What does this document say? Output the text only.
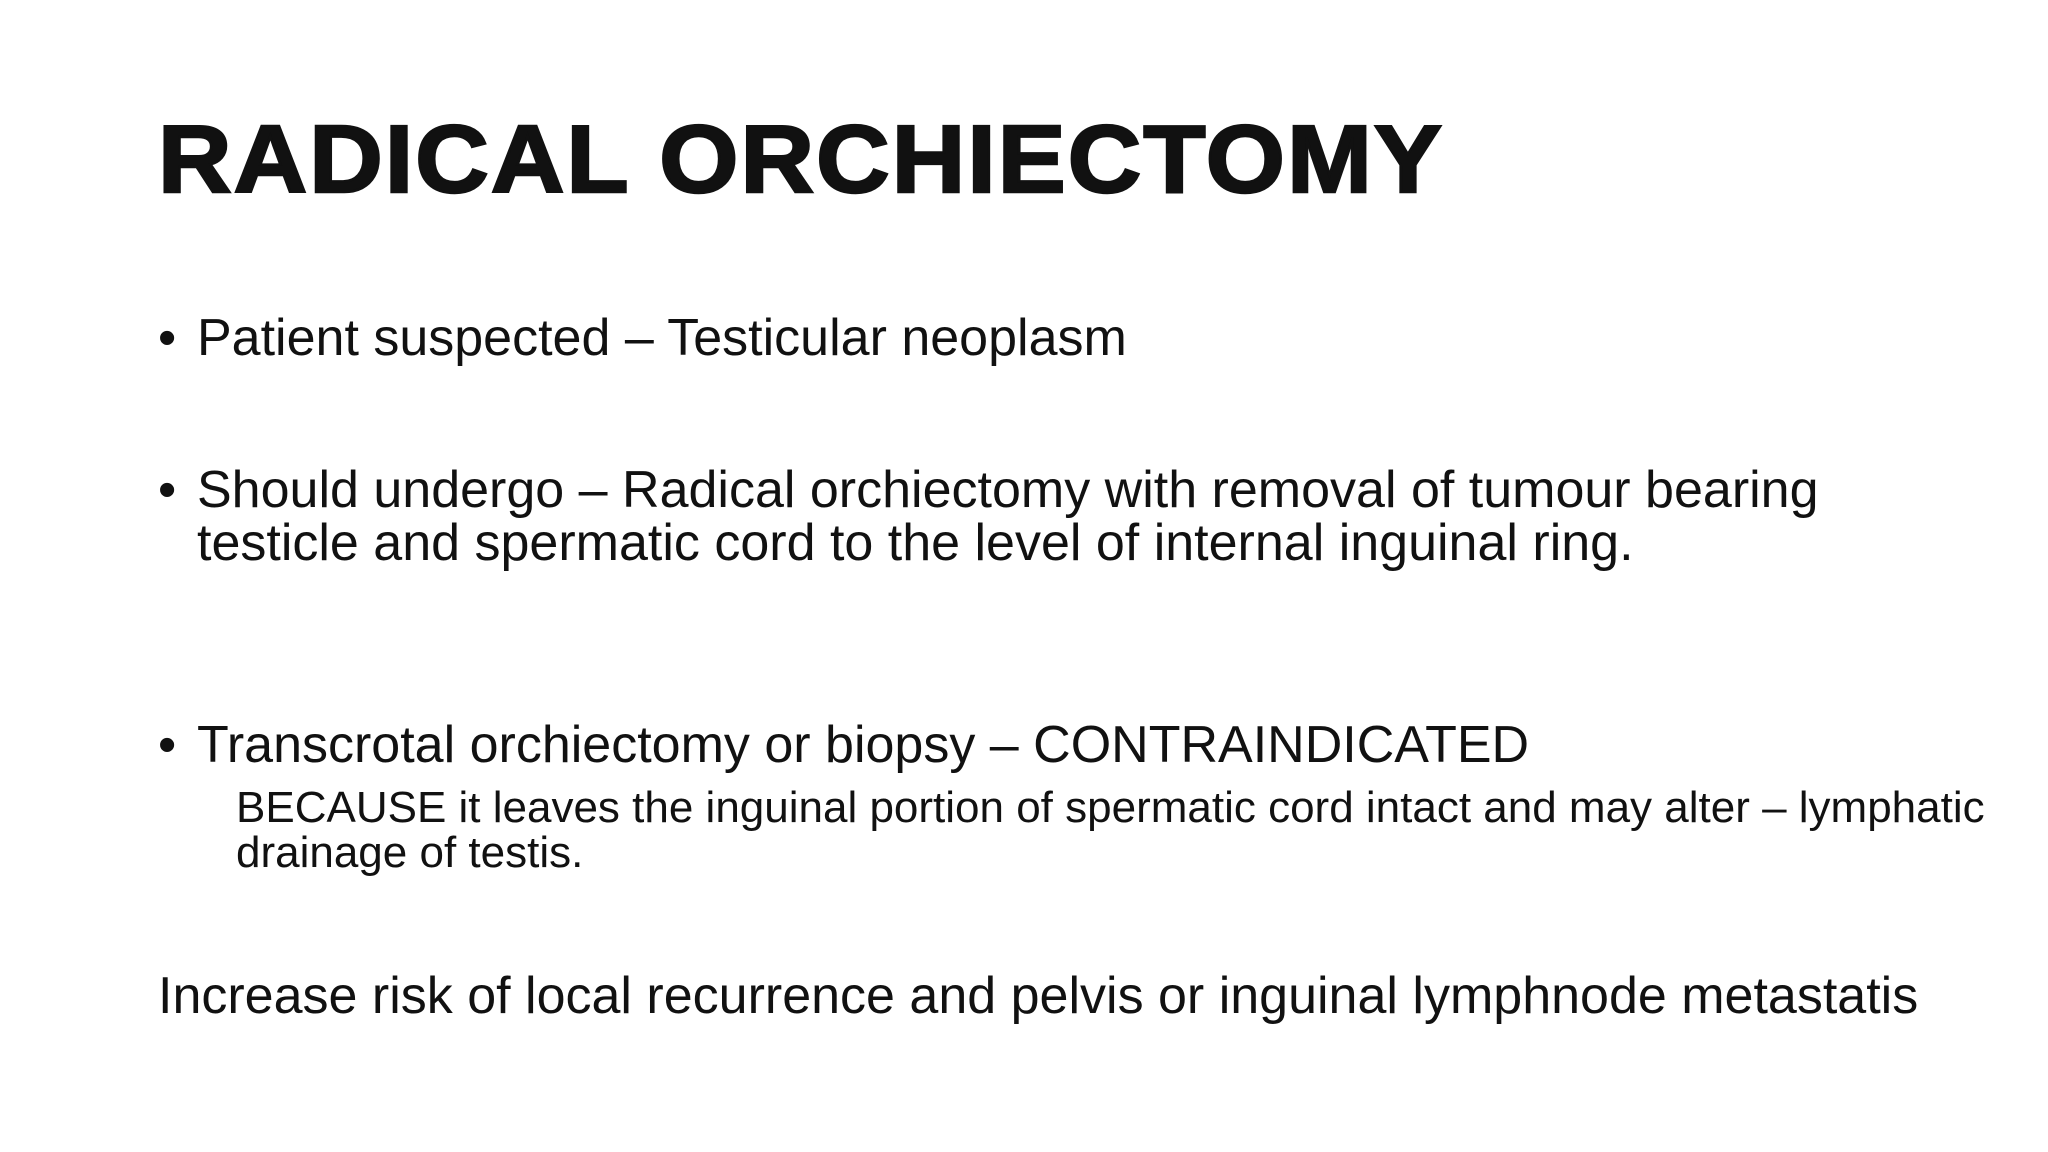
RADICAL ORCHIECTOMY
• Patient suspected – Testicular neoplasm
• Should undergo – Radical orchiectomy with removal of tumour bearing testicle and spermatic cord to the level of internal inguinal ring.
• Transcrotal orchiectomy or biopsy – CONTRAINDICATED
BECAUSE it leaves the inguinal portion of spermatic cord intact and may alter – lymphatic drainage of testis.
Increase risk of local recurrence and pelvis or inguinal lymphnode metastatis
